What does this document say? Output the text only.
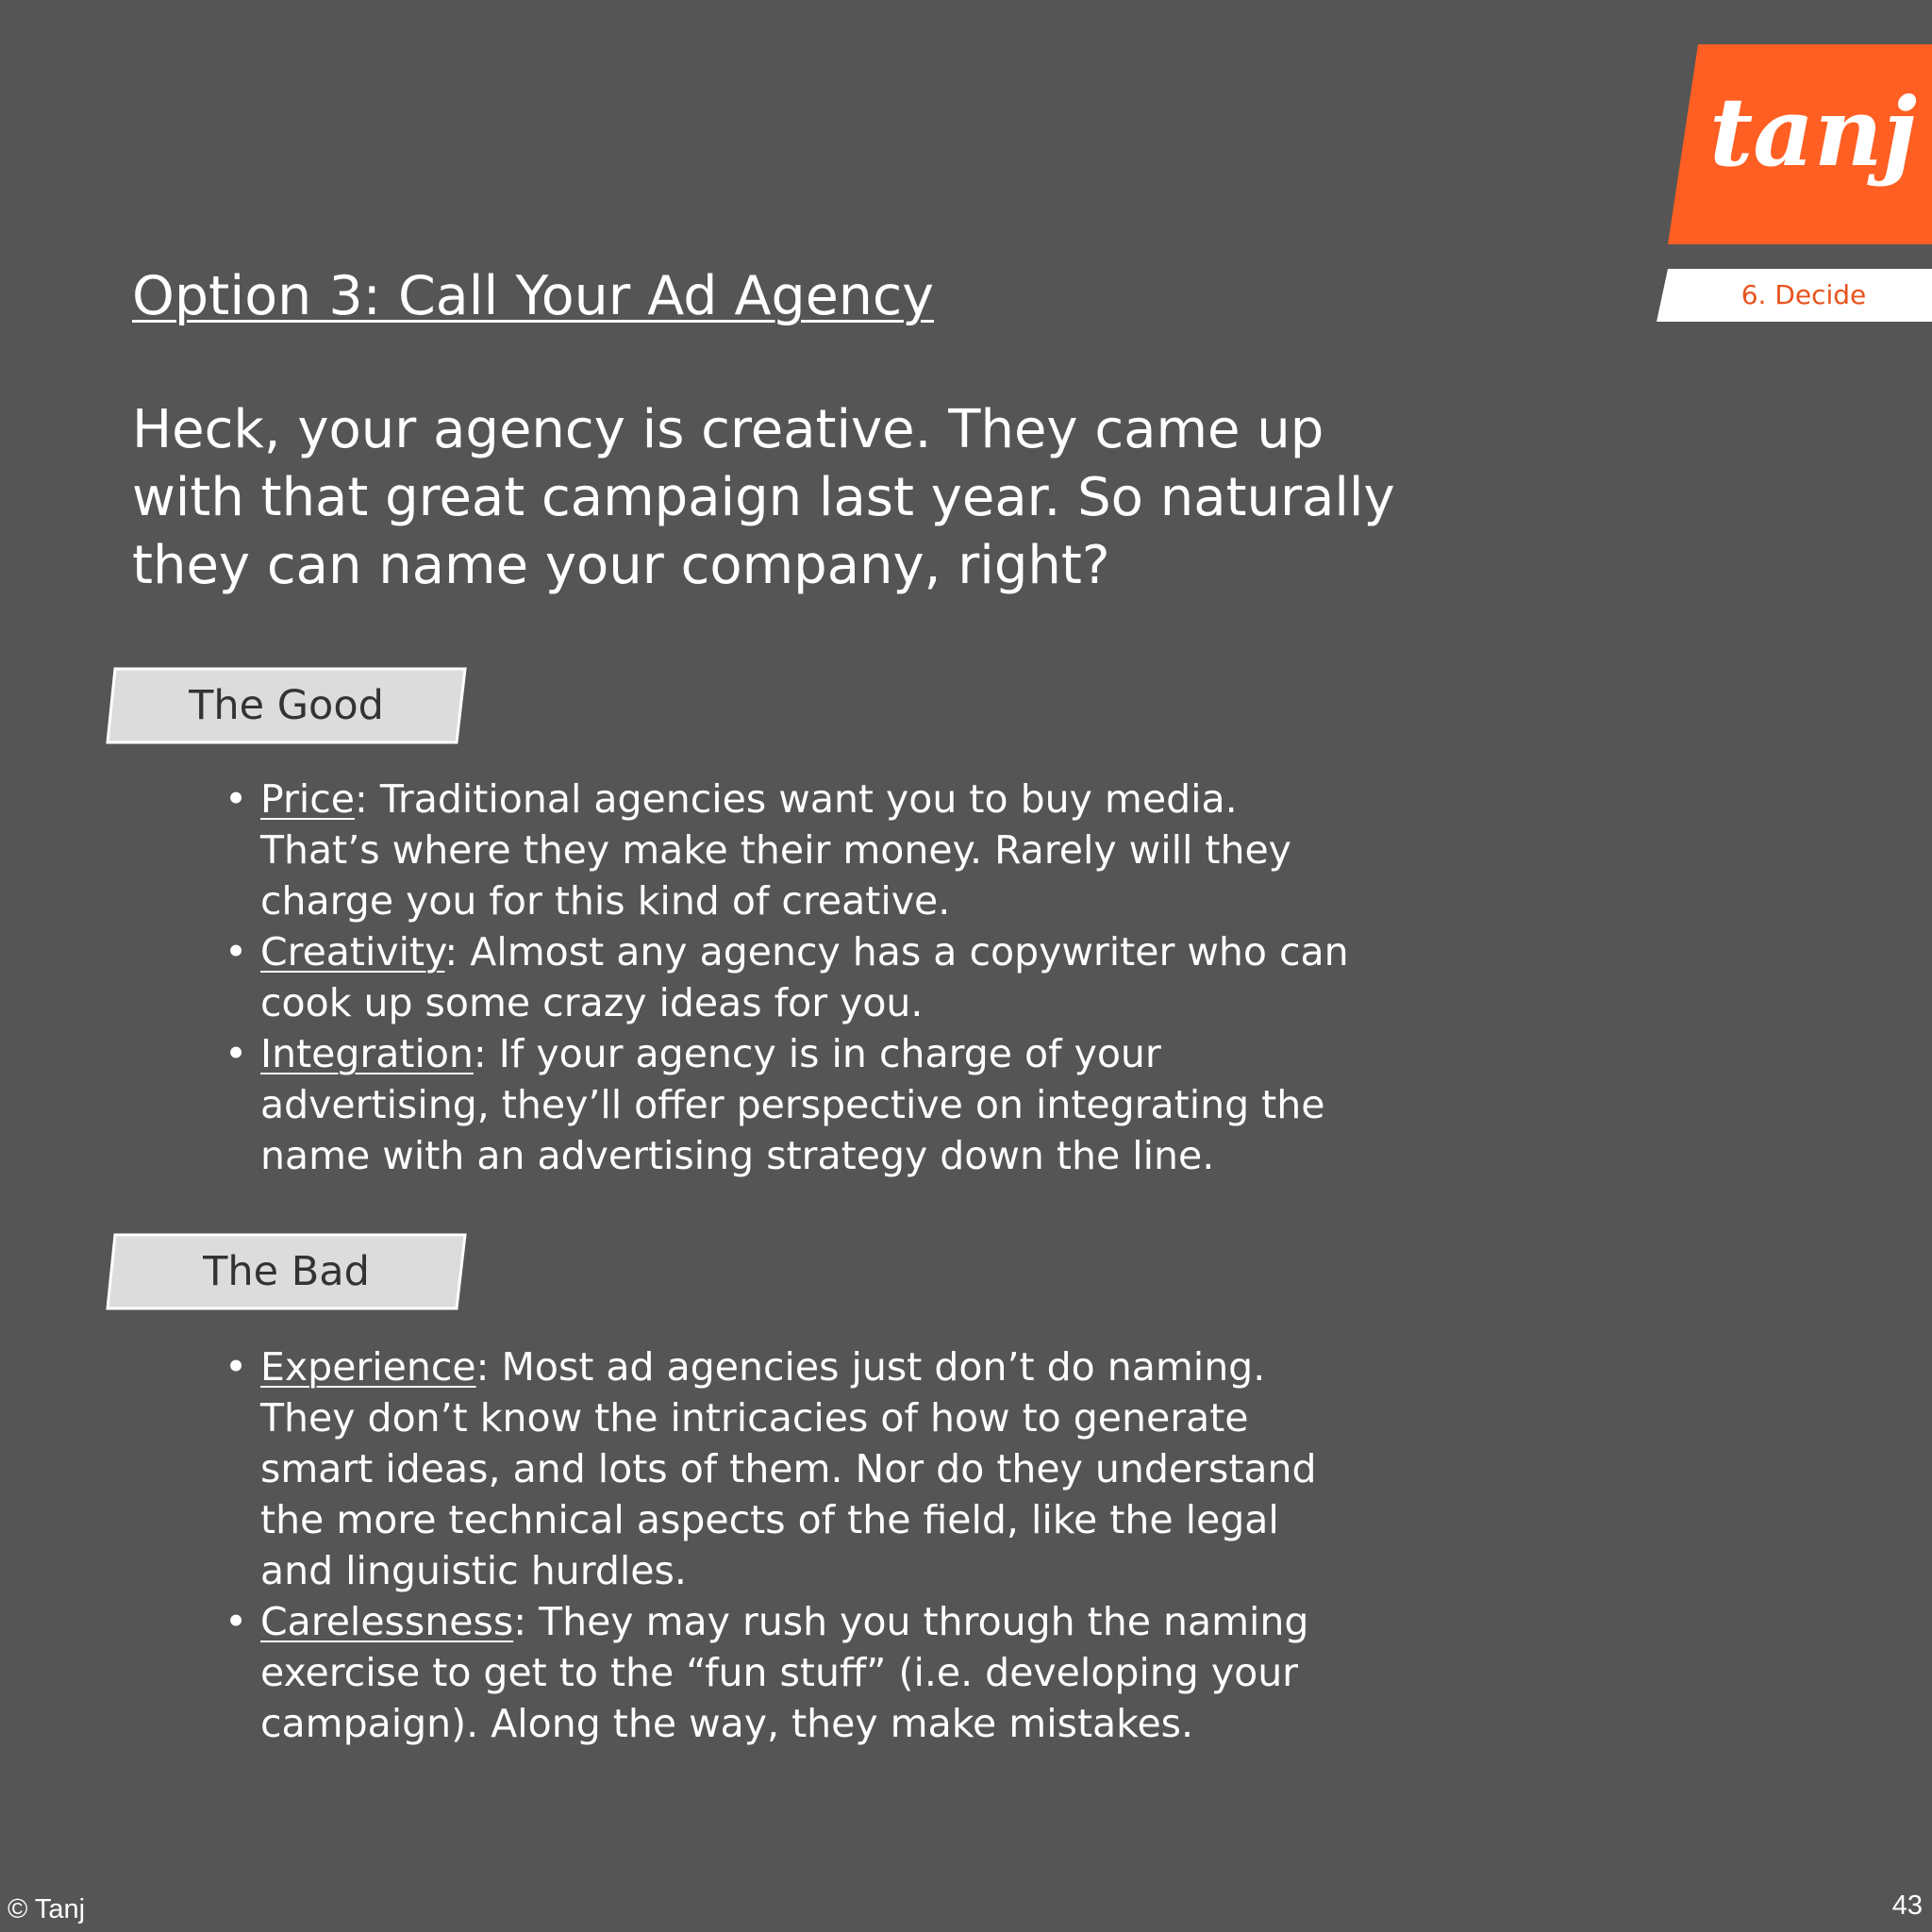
tanj
6. Decide
Option 3: Call Your Ad Agency

Heck, your agency is creative. They came up
with that great campaign last year. So naturally
they can name your company, right?

The Good
• Price: Traditional agencies want you to buy media.
That’s where they make their money. Rarely will they
charge you for this kind of creative.
• Creativity: Almost any agency has a copywriter who can
cook up some crazy ideas for you.
• Integration: If your agency is in charge of your
advertising, they’ll offer perspective on integrating the
name with an advertising strategy down the line.
The Bad
• Experience: Most ad agencies just don’t do naming.
They don’t know the intricacies of how to generate
smart ideas, and lots of them. Nor do they understand
the more technical aspects of the field, like the legal
and linguistic hurdles.
• Carelessness: They may rush you through the naming
exercise to get to the “fun stuff” (i.e. developing your
campaign). Along the way, they make mistakes.
© Tanj	43
